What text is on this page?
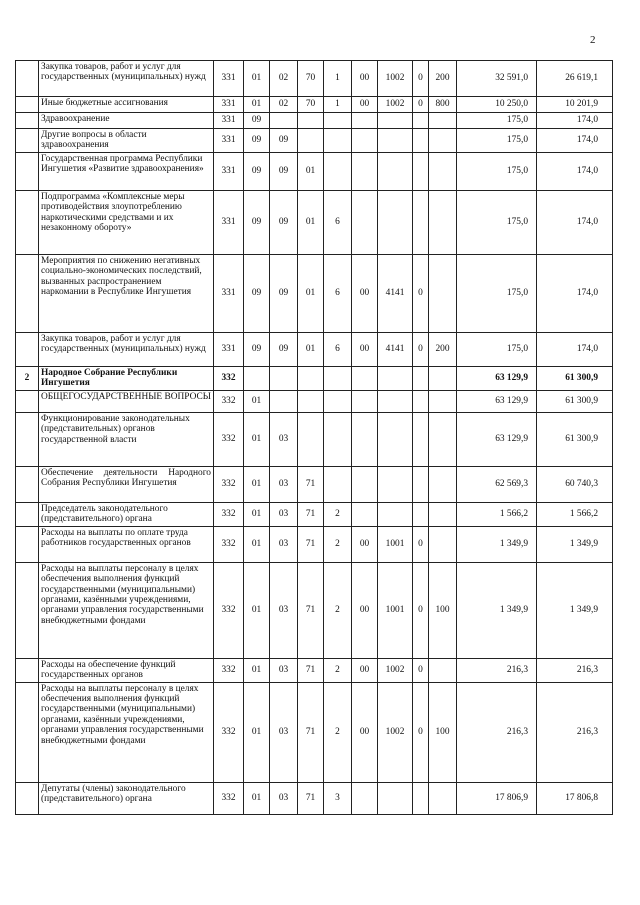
2
	Закупка товаров, работ и услуг для государственных (муниципальных) нужд	331	01	02	70	1	00	1002	0	200	32 591,0	26 619,1
	Иные бюджетные ассигнования	331	01	02	70	1	00	1002	0	800	10 250,0	10 201,9
	Здравоохранение	331	09								175,0	174,0
	Другие вопросы в области здравоохранения	331	09	09							175,0	174,0
	Государственная программа Республики Ингушетия «Развитие здравоохранения»	331	09	09	01						175,0	174,0
	Подпрограмма «Комплексные меры противодействия злоупотреблению наркотическими средствами и их незаконному обороту»	331	09	09	01	6					175,0	174,0
	Мероприятия по снижению негативных социально-экономических последствий, вызванных распространением наркомании в Республике Ингушетия	331	09	09	01	6	00	4141	0		175,0	174,0
	Закупка товаров, работ и услуг для государственных (муниципальных) нужд	331	09	09	01	6	00	4141	0	200	175,0	174,0
2	Народное Собрание Республики Ингушетия	332									63 129,9	61 300,9
	ОБЩЕГОСУДАРСТВЕННЫЕ ВОПРОСЫ	332	01								63 129,9	61 300,9
	Функционирование законодательных (представительных) органов государственной власти	332	01	03							63 129,9	61 300,9
	Обеспечение деятельности Народного Собрания Республики Ингушетия	332	01	03	71						62 569,3	60 740,3
	Председатель законодательного (представительного) органа	332	01	03	71	2					1 566,2	1 566,2
	Расходы на выплаты по оплате труда работников государственных органов	332	01	03	71	2	00	1001	0		1 349,9	1 349,9
	Расходы на выплаты персоналу в целях обеспечения выполнения функций государственными (муниципальными) органами, казёнными учреждениями, органами управления государственными внебюджетными фондами	332	01	03	71	2	00	1001	0	100	1 349,9	1 349,9
	Расходы на обеспечение функций государственных органов	332	01	03	71	2	00	1002	0		216,3	216,3
	Расходы на выплаты персоналу в целях обеспечения выполнения функций государственными (муниципальными) органами, казённыи учреждениями, органами управления государственными внебюджетными фондами	332	01	03	71	2	00	1002	0	100	216,3	216,3
	Депутаты (члены) законодательного (представительного) органа	332	01	03	71	3					17 806,9	17 806,8
